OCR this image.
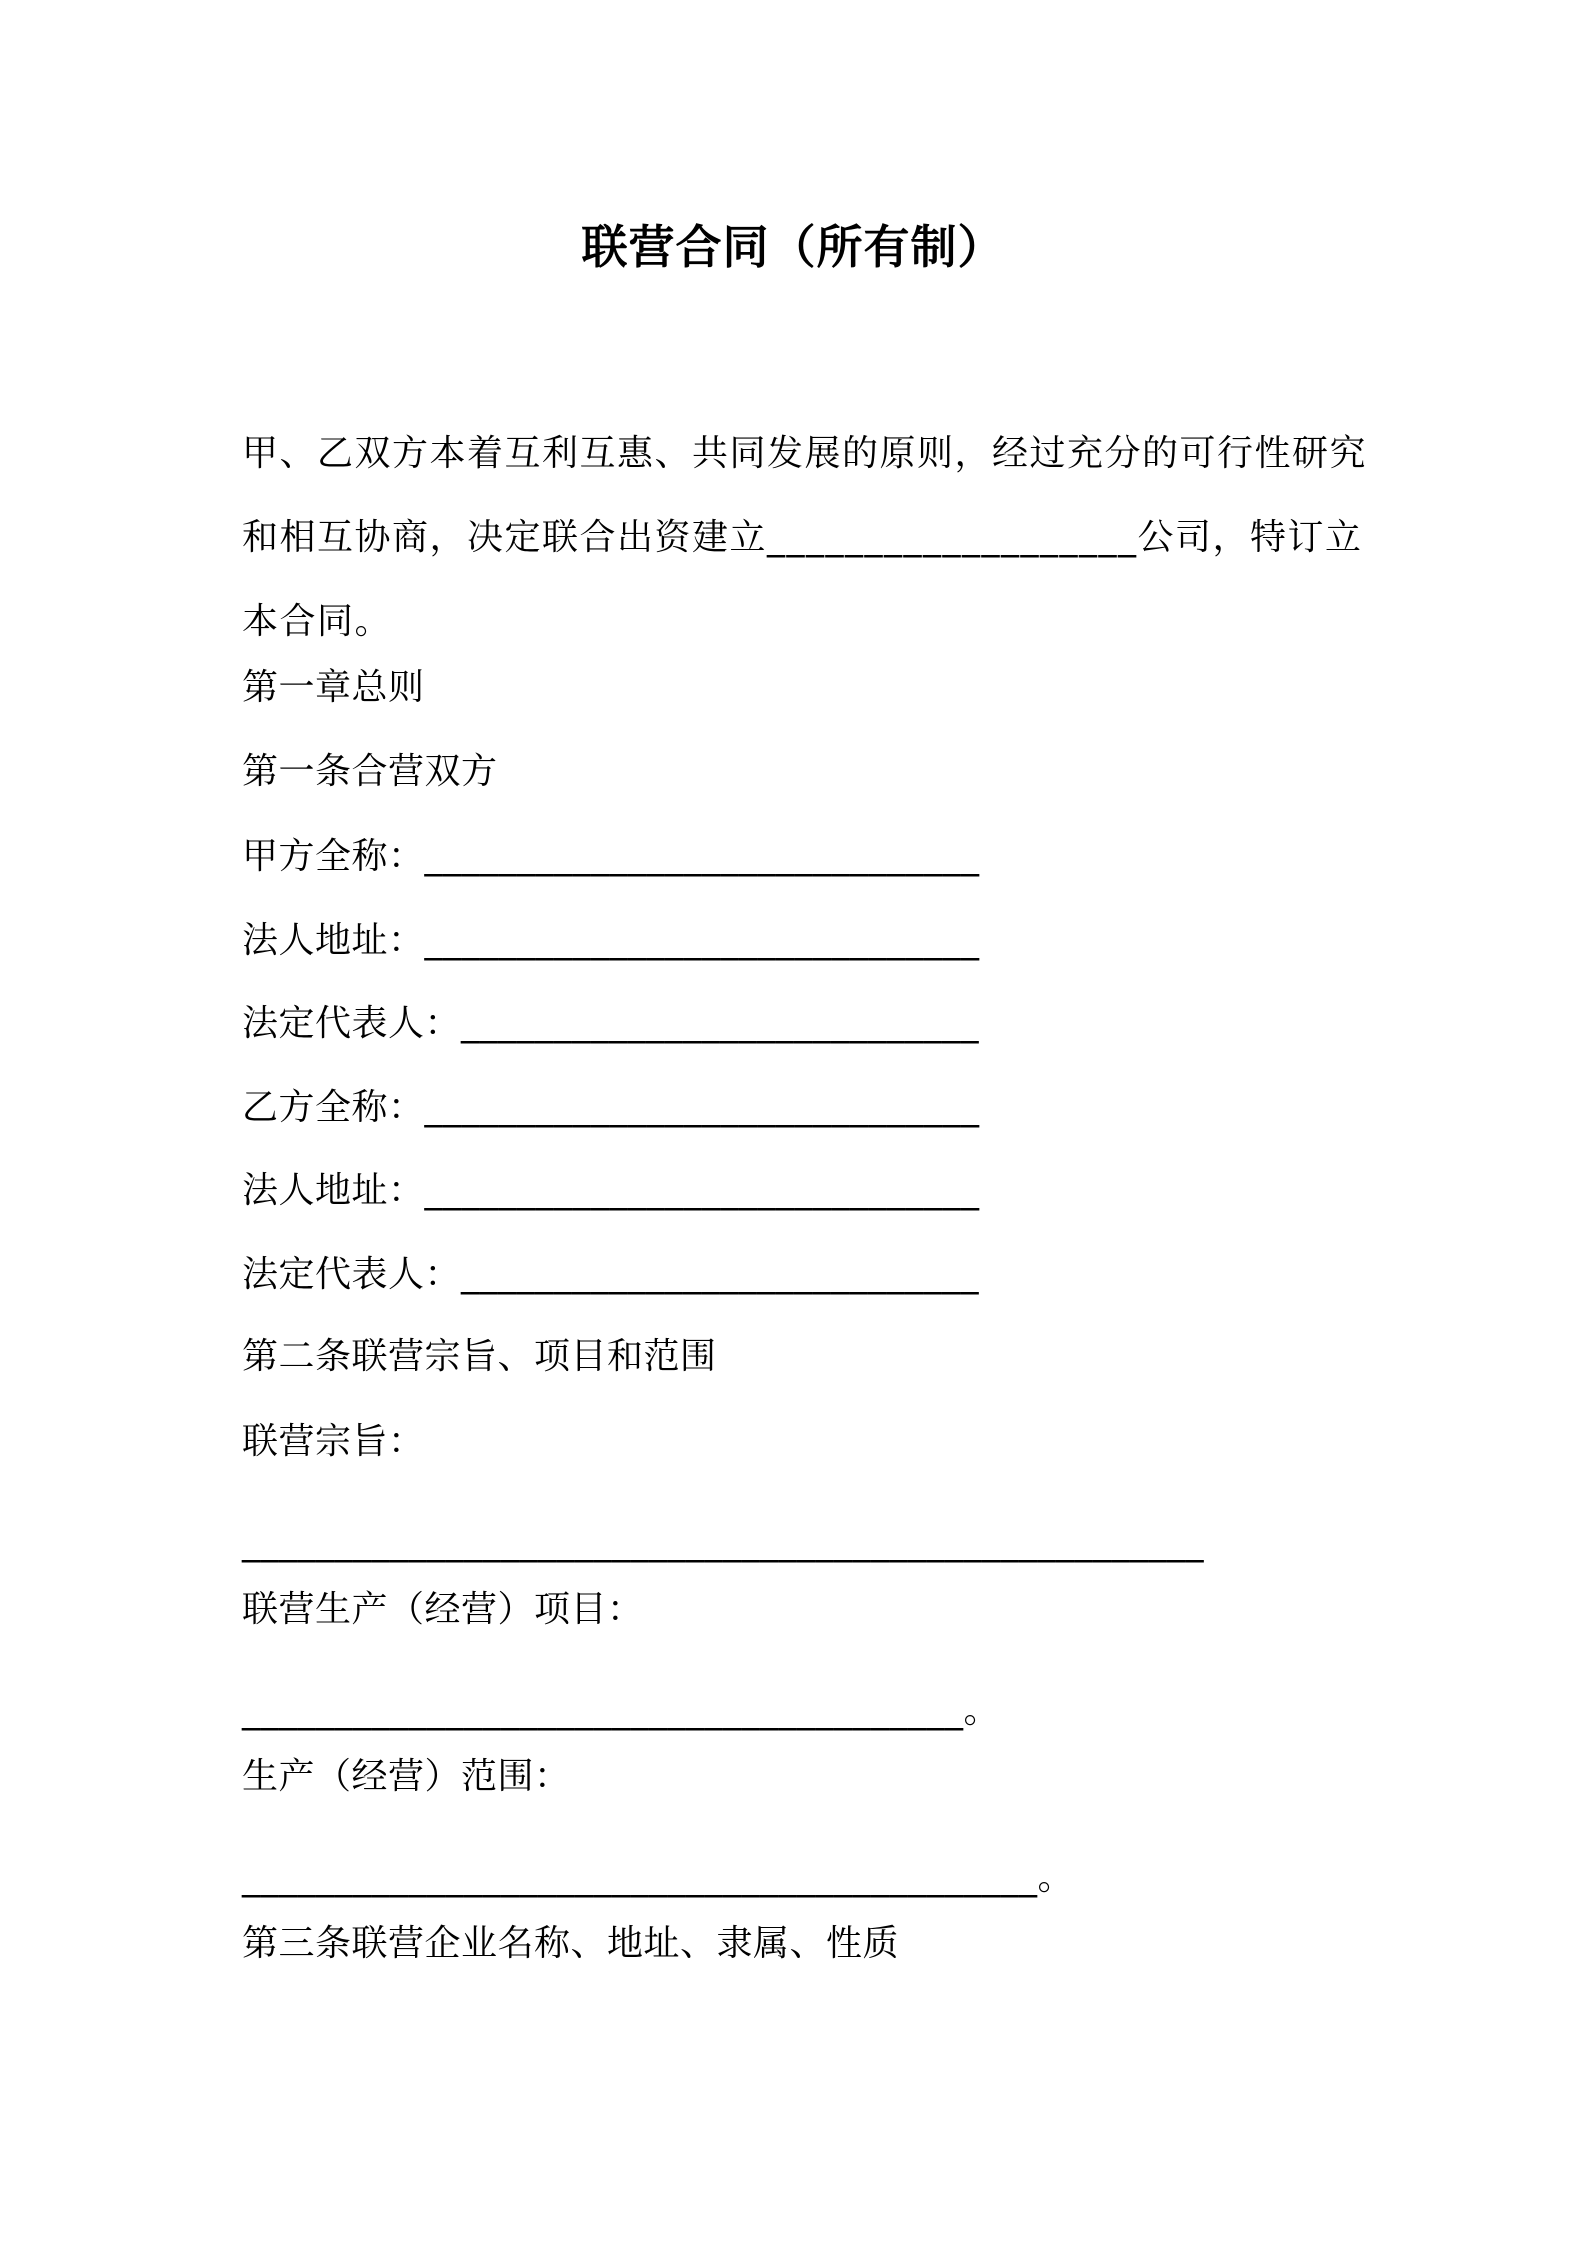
联营合同（所有制）
甲、乙双方本着互利互惠、共同发展的原则，经过充分的可行性研究
和相互协商，决定联合出资建立___________________公司，特订立
本合同。
第一章总则
第一条合营双方
甲方全称：______________________________
法人地址：______________________________
法定代表人：____________________________
乙方全称：______________________________
法人地址：______________________________
法定代表人：____________________________
第二条联营宗旨、项目和范围
联营宗旨：
____________________________________________________
联营生产（经营）项目：
_______________________________________。
生产（经营）范围：
___________________________________________。
第三条联营企业名称、地址、隶属、性质
